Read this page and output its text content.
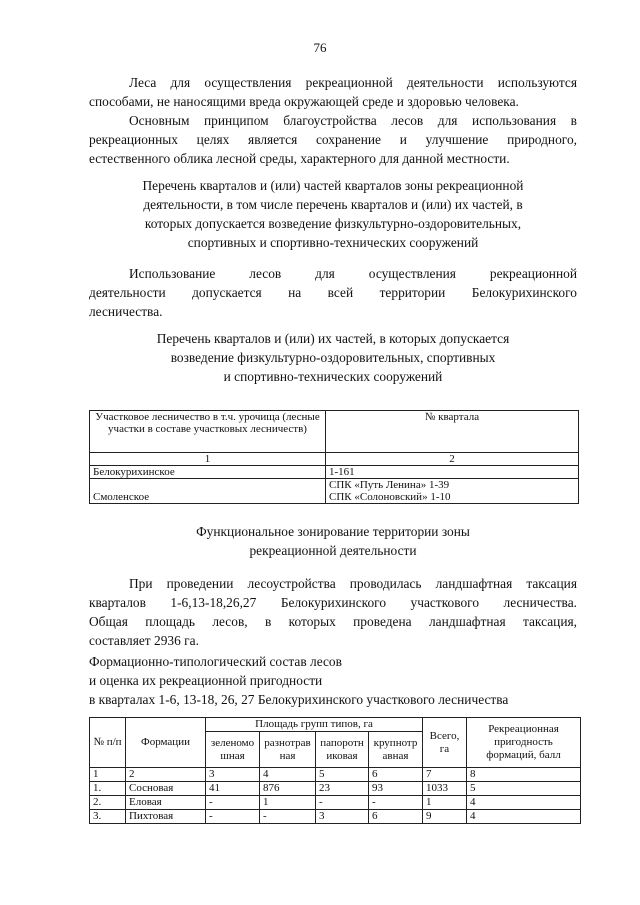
76
Леса для осуществления рекреационной деятельности используются
способами, не наносящими вреда окружающей среде и здоровью человека.
Основным принципом благоустройства лесов для использования в
рекреационных целях является сохранение и улучшение природного,
естественного облика лесной среды, характерного для данной местности.
Перечень кварталов и (или) частей кварталов зоны рекреационной
деятельности, в том числе перечень кварталов и (или) их частей, в
которых допускается возведение физкультурно-оздоровительных,
спортивных и спортивно-технических сооружений
Использование лесов для осуществления рекреационной
деятельности допускается на всей территории Белокурихинского
лесничества.
Перечень кварталов и (или) их частей, в которых допускается
возведение физкультурно-оздоровительных, спортивных
и спортивно-технических сооружений
Участковое лесничество в т.ч. урочища (лесные участки в составе участковых лесничеств)	№ квартала
1	2
Белокурихинское	1-161
Смоленское	СПК «Путь Ленина» 1-39
СПК «Солоновский» 1-10
Функциональное зонирование территории зоны
рекреационной деятельности
При проведении лесоустройства проводилась ландшафтная таксация
кварталов 1-6,13-18,26,27 Белокурихинского участкового лесничества.
Общая площадь лесов, в которых проведена ландшафтная таксация,
составляет 2936 га.
Формационно-типологический состав лесов
и оценка их рекреационной пригодности
в кварталах 1-6, 13-18, 26, 27 Белокурихинского участкового лесничества
№ п/п	Формации	Площадь групп типов, га				Всего, га	Рекреационная пригодность формаций, балл
		зеленомошная	разнотравная	папоротниковая	крупнотравная		
1	2	3	4	5	6	7	8
1.	Сосновая	41	876	23	93	1033	5
2.	Еловая	-	1	-	-	1	4
3.	Пихтовая	-	-	3	6	9	4
